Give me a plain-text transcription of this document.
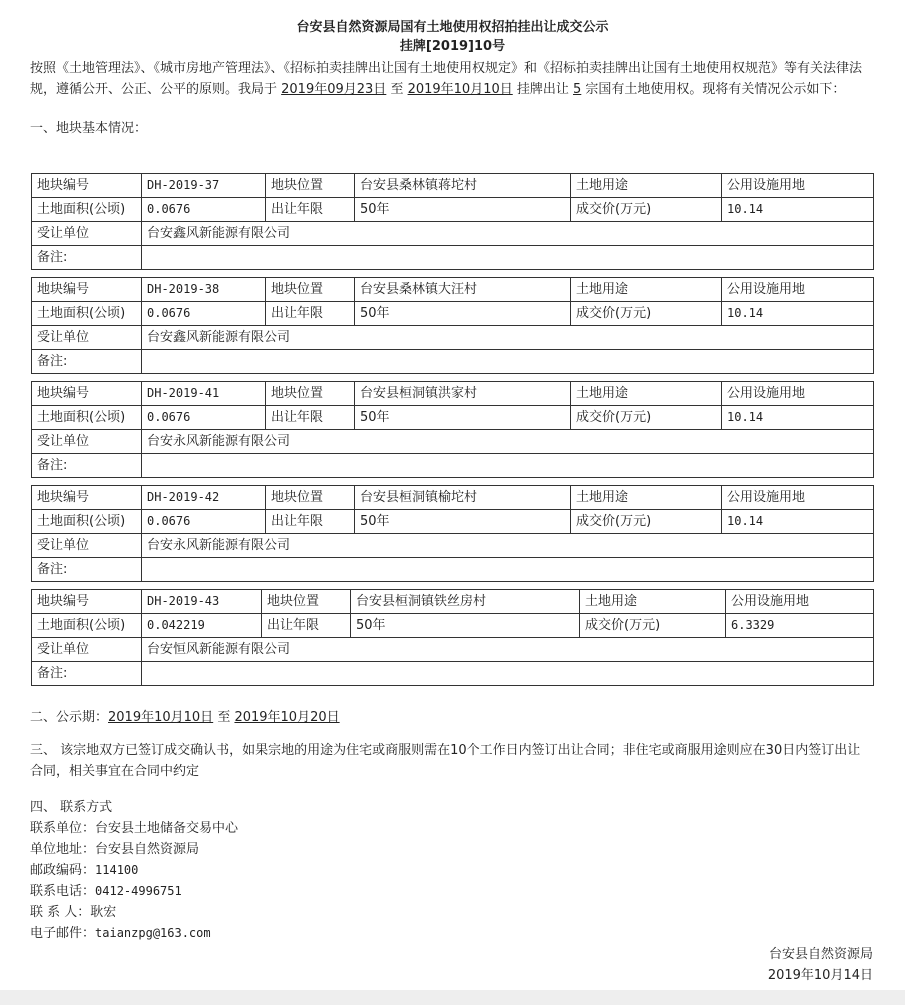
台安县自然资源局国有土地使用权招拍挂出让成交公示
挂牌[2019]10号
按照《土地管理法》、《城市房地产管理法》、《招标拍卖挂牌出让国有土地使用权规定》和《招标拍卖挂牌出让国有土地使用权规范》等有关法律法规，遵循公开、公正、公平的原则。我局于 2019年09月23日 至 2019年10月10日 挂牌出让 5 宗国有土地使用权。现将有关情况公示如下：
一、地块基本情况：
地块编号	DH-2019-37	地块位置	台安县桑林镇蒋坨村	土地用途	公用设施用地
土地面积(公顷)	0.0676	出让年限	50年	成交价(万元)	10.14
受让单位	台安鑫风新能源有限公司				
备注:					
地块编号	DH-2019-38	地块位置	台安县桑林镇大汪村	土地用途	公用设施用地
土地面积(公顷)	0.0676	出让年限	50年	成交价(万元)	10.14
受让单位	台安鑫风新能源有限公司				
备注:					
地块编号	DH-2019-41	地块位置	台安县桓洞镇洪家村	土地用途	公用设施用地
土地面积(公顷)	0.0676	出让年限	50年	成交价(万元)	10.14
受让单位	台安永风新能源有限公司				
备注:					
地块编号	DH-2019-42	地块位置	台安县桓洞镇榆坨村	土地用途	公用设施用地
土地面积(公顷)	0.0676	出让年限	50年	成交价(万元)	10.14
受让单位	台安永风新能源有限公司				
备注:					
地块编号	DH-2019-43	地块位置	台安县桓洞镇铁丝房村	土地用途	公用设施用地
土地面积(公顷)	0.042219	出让年限	50年	成交价(万元)	6.3329
受让单位	台安恒风新能源有限公司				
备注:					
二、公示期：2019年10月10日 至 2019年10月20日
三、 该宗地双方已签订成交确认书，如果宗地的用途为住宅或商服则需在10个工作日内签订出让合同；非住宅或商服用途则应在30日内签订出让合同，相关事宜在合同中约定
四、 联系方式
联系单位：台安县土地储备交易中心
单位地址：台安县自然资源局
邮政编码：114100
联系电话：0412-4996751
联 系 人：耿宏
电子邮件：taianzpg@163.com
台安县自然资源局
2019年10月14日
